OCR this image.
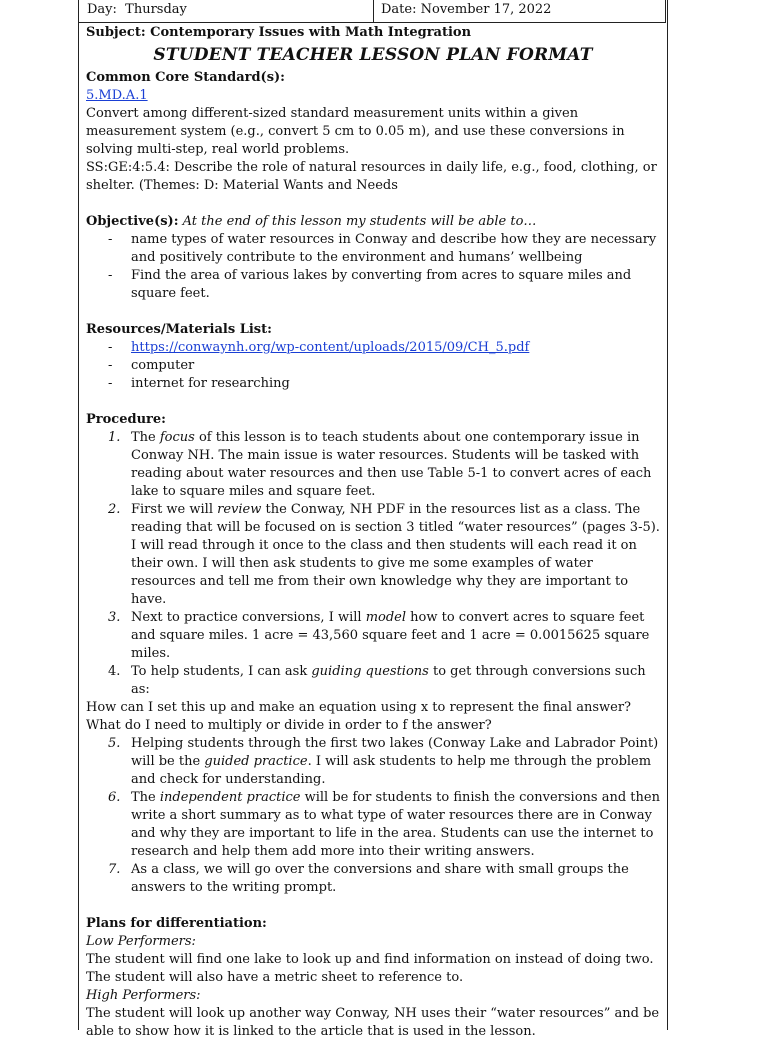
Day: Thursday	Date: November 17, 2022
Subject: Contemporary Issues with Math Integration
STUDENT TEACHER LESSON PLAN FORMAT
Common Core Standard(s):
5.MD.A.1
Convert among different-sized standard measurement units within a given measurement system (e.g., convert 5 cm to 0.05 m), and use these conversions in solving multi-step, real world problems.
SS:GE:4:5.4: Describe the role of natural resources in daily life, e.g., food, clothing, or shelter. (Themes: D: Material Wants and Needs
Objective(s): At the end of this lesson my students will be able to…
- name types of water resources in Conway and describe how they are necessary and positively contribute to the environment and humans’ wellbeing
- Find the area of various lakes by converting from acres to square miles and square feet.
Resources/Materials List:
- https://conwaynh.org/wp-content/uploads/2015/09/CH_5.pdf
- computer
- internet for researching
Procedure:
1. The focus of this lesson is to teach students about one contemporary issue in Conway NH. The main issue is water resources. Students will be tasked with reading about water resources and then use Table 5-1 to convert acres of each lake to square miles and square feet.
2. First we will review the Conway, NH PDF in the resources list as a class. The reading that will be focused on is section 3 titled “water resources” (pages 3-5). I will read through it once to the class and then students will each read it on their own. I will then ask students to give me some examples of water resources and tell me from their own knowledge why they are important to have.
3. Next to practice conversions, I will model how to convert acres to square feet and square miles. 1 acre = 43,560 square feet and 1 acre = 0.0015625 square miles.
4. To help students, I can ask guiding questions to get through conversions such as:
How can I set this up and make an equation using x to represent the final answer?
What do I need to multiply or divide in order to f the answer?
5. Helping students through the first two lakes (Conway Lake and Labrador Point) will be the guided practice. I will ask students to help me through the problem and check for understanding.
6. The independent practice will be for students to finish the conversions and then write a short summary as to what type of water resources there are in Conway and why they are important to life in the area. Students can use the internet to research and help them add more into their writing answers.
7. As a class, we will go over the conversions and share with small groups the answers to the writing prompt.
Plans for differentiation:
Low Performers:
The student will find one lake to look up and find information on instead of doing two.
The student will also have a metric sheet to reference to.
High Performers:
The student will look up another way Conway, NH uses their “water resources” and be able to show how it is linked to the article that is used in the lesson.
